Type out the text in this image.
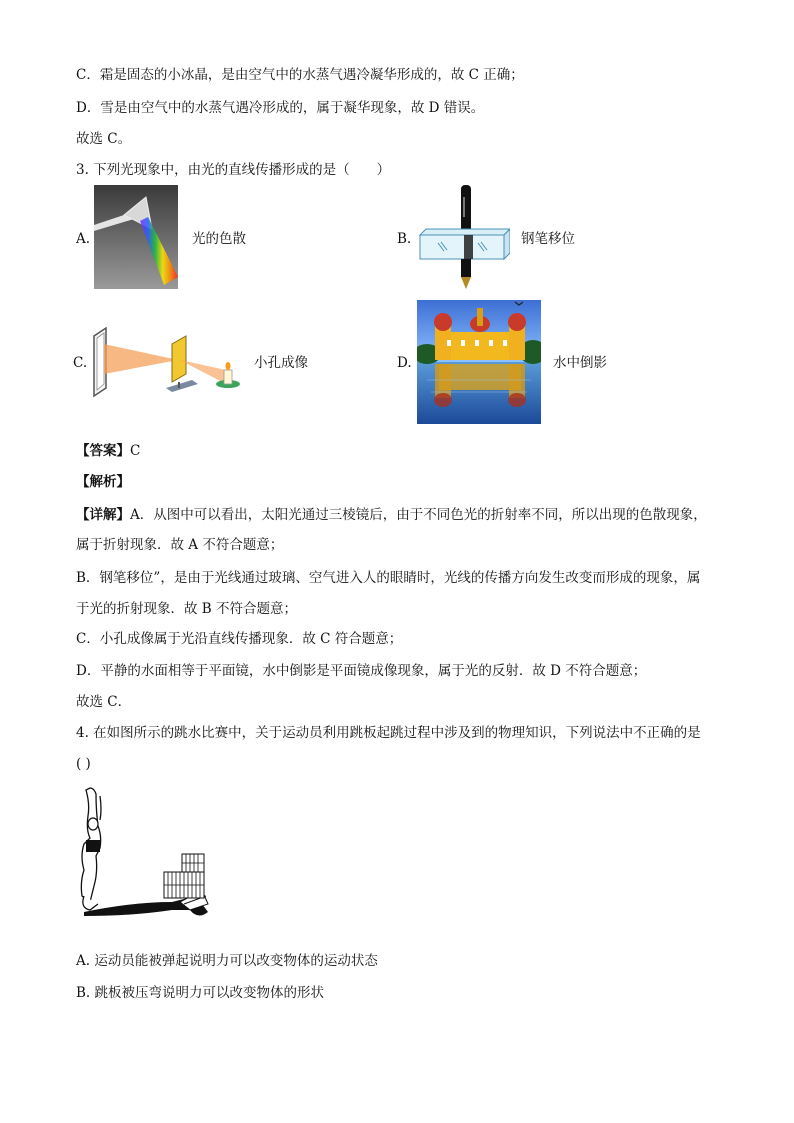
C．霜是固态的小冰晶，是由空气中的水蒸气遇冷凝华形成的，故 C 正确；
D．雪是由空气中的水蒸气遇冷形成的，属于凝华现象，故 D 错误。
故选 C。
3. 下列光现象中，由光的直线传播形成的是（　　）
A.	光的色散	B.	钢笔移位
C.	小孔成像	D.	水中倒影
【答案】C
【解析】
【详解】A．从图中可以看出，太阳光通过三棱镜后，由于不同色光的折射率不同，所以出现的色散现象，
属于折射现象．故 A 不符合题意；
B．钢笔移位”，是由于光线通过玻璃、空气进入人的眼睛时，光线的传播方向发生改变而形成的现象，属
于光的折射现象．故 B 不符合题意；
C．小孔成像属于光沿直线传播现象．故 C 符合题意；
D．平静的水面相等于平面镜，水中倒影是平面镜成像现象，属于光的反射．故 D 不符合题意；
故选 C．
4. 在如图所示的跳水比赛中，关于运动员利用跳板起跳过程中涉及到的物理知识，下列说法中不正确的是
( )
A. 运动员能被弹起说明力可以改变物体的运动状态
B. 跳板被压弯说明力可以改变物体的形状
